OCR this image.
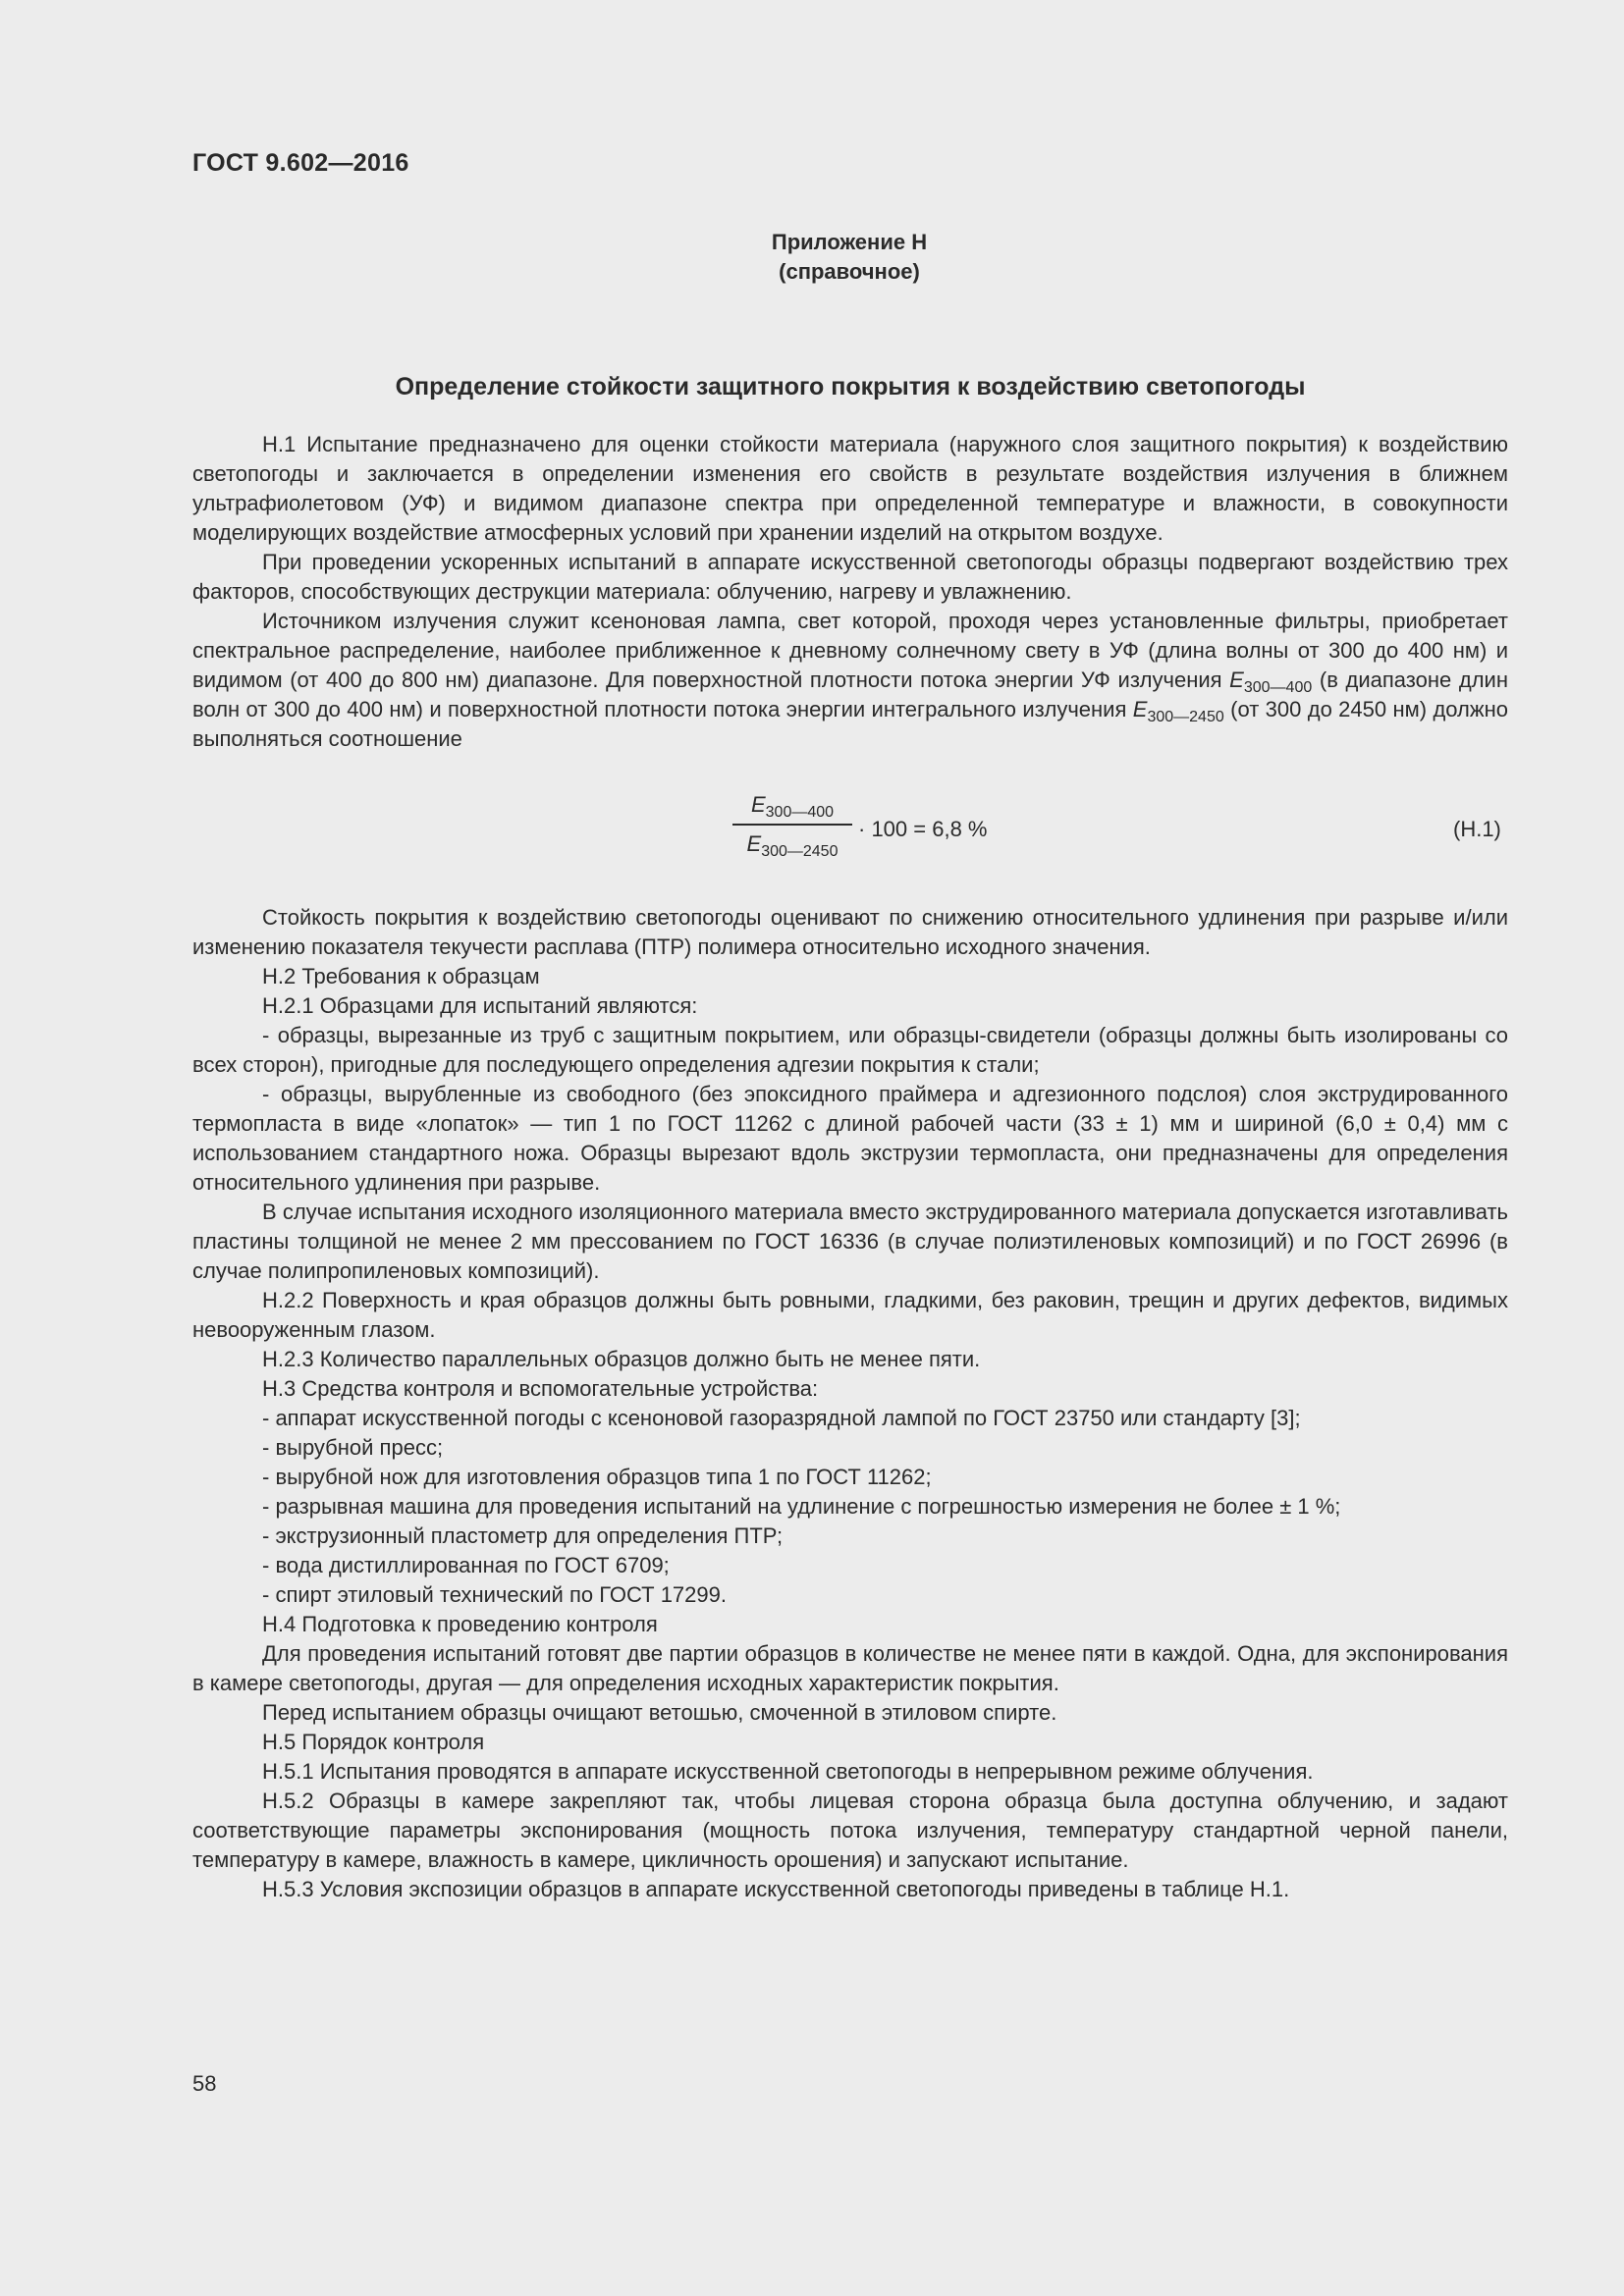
ГОСТ 9.602—2016
Приложение Н
(справочное)
Определение стойкости защитного покрытия к воздействию светопогоды

Н.1 Испытание предназначено для оценки стойкости материала (наружного слоя защитного покрытия) к воздействию светопогоды и заключается в определении изменения его свойств в результате воздействия излучения в ближнем ультрафиолетовом (УФ) и видимом диапазоне спектра при определенной температуре и влажности, в совокупности моделирующих воздействие атмосферных условий при хранении изделий на открытом воздухе.

При проведении ускоренных испытаний в аппарате искусственной светопогоды образцы подвергают воздействию трех факторов, способствующих деструкции материала: облучению, нагреву и увлажнению.

Источником излучения служит ксеноновая лампа, свет которой, проходя через установленные фильтры, приобретает спектральное распределение, наиболее приближенное к дневному солнечному свету в УФ (длина волны от 300 до 400 нм) и видимом (от 400 до 800 нм) диапазоне. Для поверхностной плотности потока энергии УФ излучения $E_{300—400}$ (в диапазоне длин волн от 300 до 400 нм) и поверхностной плотности потока энергии интегрального излучения $E_{300—2450}$ (от 300 до 2450 нм) должно выполняться соотношение

$E_{300—400}$
$E_{300—2450}$
· 100 = 6,8 %	(Н.1)

Стойкость покрытия к воздействию светопогоды оценивают по снижению относительного удлинения при разрыве и/или изменению показателя текучести расплава (ПТР) полимера относительно исходного значения.

Н.2 Требования к образцам

Н.2.1 Образцами для испытаний являются:

- образцы, вырезанные из труб с защитным покрытием, или образцы-свидетели (образцы должны быть изолированы со всех сторон), пригодные для последующего определения адгезии покрытия к стали;

- образцы, вырубленные из свободного (без эпоксидного праймера и адгезионного подслоя) слоя экструдированного термопласта в виде «лопаток» — тип 1 по ГОСТ 11262 с длиной рабочей части (33 ± 1) мм и шириной (6,0 ± 0,4) мм с использованием стандартного ножа. Образцы вырезают вдоль экструзии термопласта, они предназначены для определения относительного удлинения при разрыве.

В случае испытания исходного изоляционного материала вместо экструдированного материала допускается изготавливать пластины толщиной не менее 2 мм прессованием по ГОСТ 16336 (в случае полиэтиленовых композиций) и по ГОСТ 26996 (в случае полипропиленовых композиций).

Н.2.2 Поверхность и края образцов должны быть ровными, гладкими, без раковин, трещин и других дефектов, видимых невооруженным глазом.

Н.2.3 Количество параллельных образцов должно быть не менее пяти.

Н.3 Средства контроля и вспомогательные устройства:

- аппарат искусственной погоды с ксеноновой газоразрядной лампой по ГОСТ 23750 или стандарту [3];

- вырубной пресс;

- вырубной нож для изготовления образцов типа 1 по ГОСТ 11262;

- разрывная машина для проведения испытаний на удлинение с погрешностью измерения не более ± 1 %;

- экструзионный пластометр для определения ПТР;

- вода дистиллированная по ГОСТ 6709;

- спирт этиловый технический по ГОСТ 17299.

Н.4 Подготовка к проведению контроля

Для проведения испытаний готовят две партии образцов в количестве не менее пяти в каждой. Одна, для экспонирования в камере светопогоды, другая — для определения исходных характеристик покрытия.

Перед испытанием образцы очищают ветошью, смоченной в этиловом спирте.

Н.5 Порядок контроля

Н.5.1 Испытания проводятся в аппарате искусственной светопогоды в непрерывном режиме облучения.

Н.5.2 Образцы в камере закрепляют так, чтобы лицевая сторона образца была доступна облучению, и задают соответствующие параметры экспонирования (мощность потока излучения, температуру стандартной черной панели, температуру в камере, влажность в камере, цикличность орошения) и запускают испытание.

Н.5.3 Условия экспозиции образцов в аппарате искусственной светопогоды приведены в таблице Н.1.

58
